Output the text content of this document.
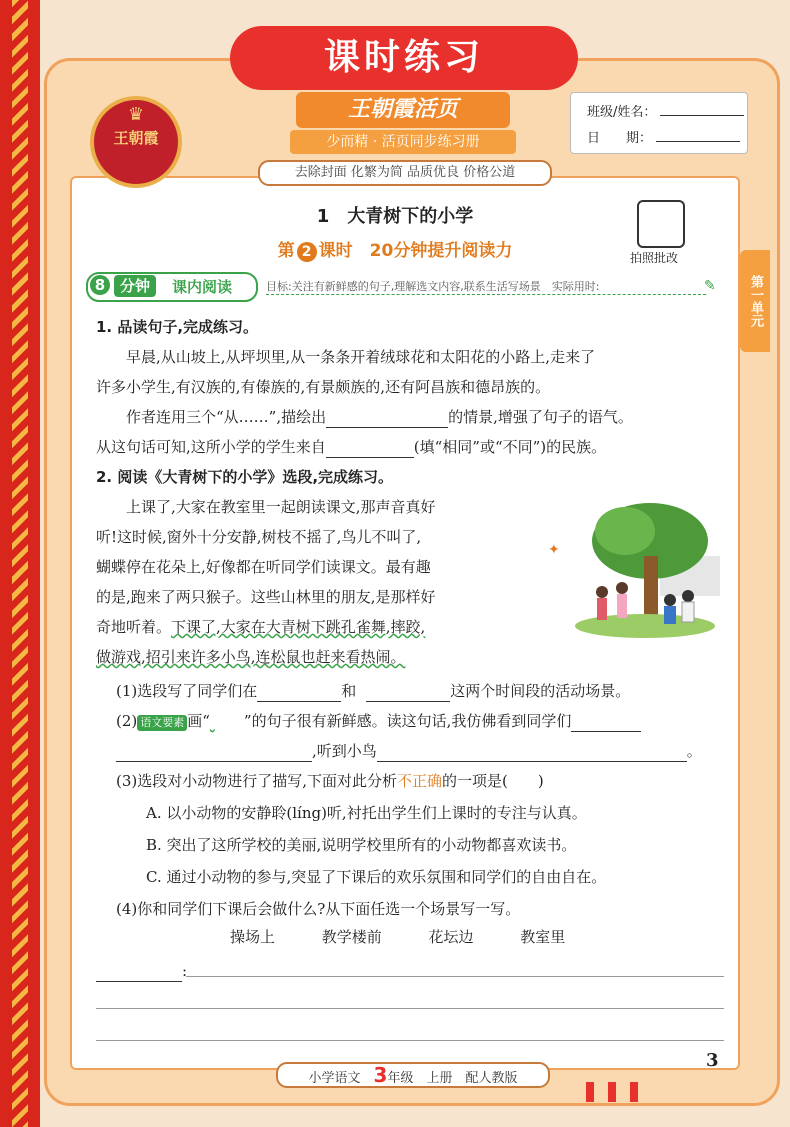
课时练习
♛
王朝霞
王朝霞活页
少而精 · 活页同步练习册
去除封面 化繁为简 品质优良 价格公道
班级/姓名：
日　　期：
1　大青树下的小学
第 2 课时　20分钟提升阅读力	拍照批改
第一单元
8 分钟	课内阅读	目标:关注有新鲜感的句子,理解选文内容,联系生活写场景　实际用时:	✎
1. 品读句子,完成练习。
　　早晨,从山坡上,从坪坝里,从一条条开着绒球花和太阳花的小路上,走来了
许多小学生,有汉族的,有傣族的,有景颇族的,还有阿昌族和德昂族的。
　　作者连用三个“从……”,描绘出	的情景,增强了句子的语气。
从这句话可知,这所小学的学生来自	(填“相同”或“不同”)的民族。
2. 阅读《大青树下的小学》选段,完成练习。
　　上课了,大家在教室里一起朗读课文,那声音真好
听!这时候,窗外十分安静,树枝不摇了,鸟儿不叫了,
蝴蝶停在花朵上,好像都在听同学们读课文。最有趣
的是,跑来了两只猴子。这些山林里的朋友,是那样好
奇地听着。下课了,大家在大青树下跳孔雀舞,摔跤,
做游戏,招引来许多小鸟,连松鼠也赶来看热闹。
✦
(1)选段写了同学们在	和	这两个时间段的活动场景。
(2) 语文要素 画“ ”的句子很有新鲜感。读这句话,我仿佛看到同学们
,听到小鸟	。
(3)选段对小动物进行了描写,下面对此分析不正确的一项是(　　)
A. 以小动物的安静聆(líng)听,衬托出学生们上课时的专注与认真。
B. 突出了这所学校的美丽,说明学校里所有的小动物都喜欢读书。
C. 通过小动物的参与,突显了下课后的欢乐氛围和同学们的自由自在。
(4)你和同学们下课后会做什么?从下面任选一个场景写一写。
操场上 教学楼前 花坛边 教室里
:
小学语文　 3年级　上册　配人教版
3
